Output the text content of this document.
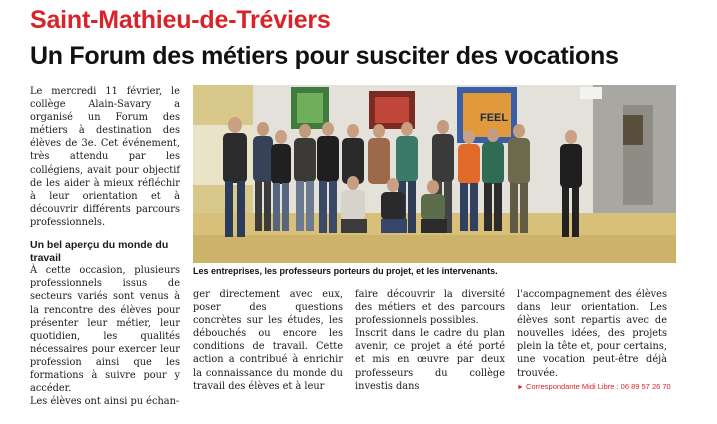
Saint-Mathieu-de-Tréviers
Un Forum des métiers pour susciter des vocations

Le mercredi 11 février, le collège Alain-Savary a organisé un Forum des métiers à destination des élèves de 3e. Cet événement, très attendu par les collégiens, avait pour objectif de les aider à mieux réfléchir à leur orientation et à découvrir différents parcours professionnels.

Un bel aperçu du monde du travail

À cette occasion, plusieurs professionnels issus de secteurs variés sont venus à la rencontre des élèves pour présenter leur métier, leur quotidien, les qualités nécessaires pour exercer leur profession ainsi que les formations à suivre pour y accéder.

Les élèves ont ainsi pu échan-

FEEL
Les entreprises, les professeurs porteurs du projet, et les intervenants.

ger directement avec eux, poser des questions concrètes sur les études, les débouchés ou encore les conditions de travail. Cette action a contribué à enrichir la connaissance du monde du travail des élèves et à leur

faire découvrir la diversité des métiers et des parcours professionnels possibles.

Inscrit dans le cadre du plan avenir, ce projet a été porté et mis en œuvre par deux professeurs du collège investis dans

l'accompagnement des élèves dans leur orientation. Les élèves sont repartis avec de nouvelles idées, des projets plein la tête et, pour certains, une vocation peut-être déjà trouvée.

► Correspondante Midi Libre : 06 89 57 26 70
